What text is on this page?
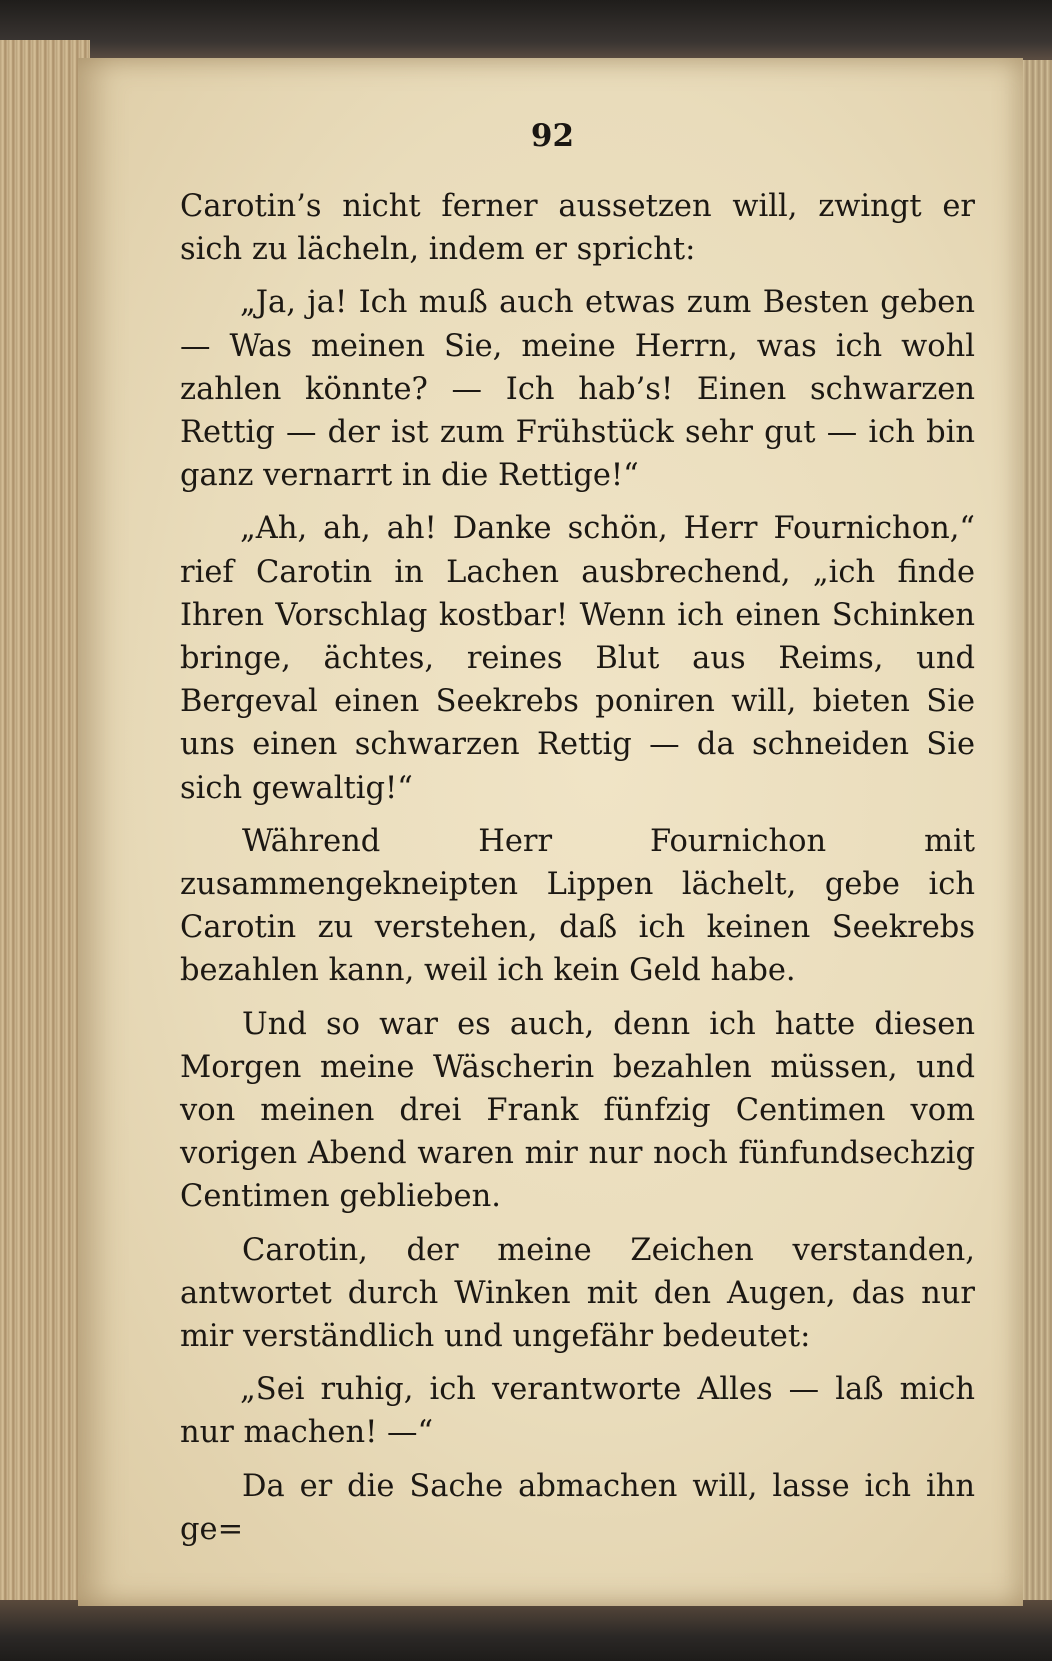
92

Carotin’s nicht ferner aussetzen will, zwingt er sich zu lächeln, indem er spricht:

„Ja, ja! Ich muß auch etwas zum Besten geben — Was meinen Sie, meine Herrn, was ich wohl zahlen könnte? — Ich hab’s! Einen schwarzen Rettig — der ist zum Frühstück sehr gut — ich bin ganz vernarrt in die Rettige!“

„Ah, ah, ah! Danke schön, Herr Fournichon,“ rief Carotin in Lachen ausbrechend, „ich finde Ihren Vorschlag kostbar! Wenn ich einen Schinken bringe, ächtes, reines Blut aus Reims, und Bergeval einen Seekrebs poniren will, bieten Sie uns einen schwarzen Rettig — da schneiden Sie sich gewaltig!“

Während Herr Fournichon mit zusammengekneipten Lippen lächelt, gebe ich Carotin zu verstehen, daß ich keinen Seekrebs bezahlen kann, weil ich kein Geld habe.

Und so war es auch, denn ich hatte diesen Morgen meine Wäscherin bezahlen müssen, und von meinen drei Frank fünfzig Centimen vom vorigen Abend waren mir nur noch fünfundsechzig Centimen geblieben.

Carotin, der meine Zeichen verstanden, antwortet durch Winken mit den Augen, das nur mir verständlich und ungefähr bedeutet:

„Sei ruhig, ich verantworte Alles — laß mich nur machen! —“

Da er die Sache abmachen will, lasse ich ihn ge=
